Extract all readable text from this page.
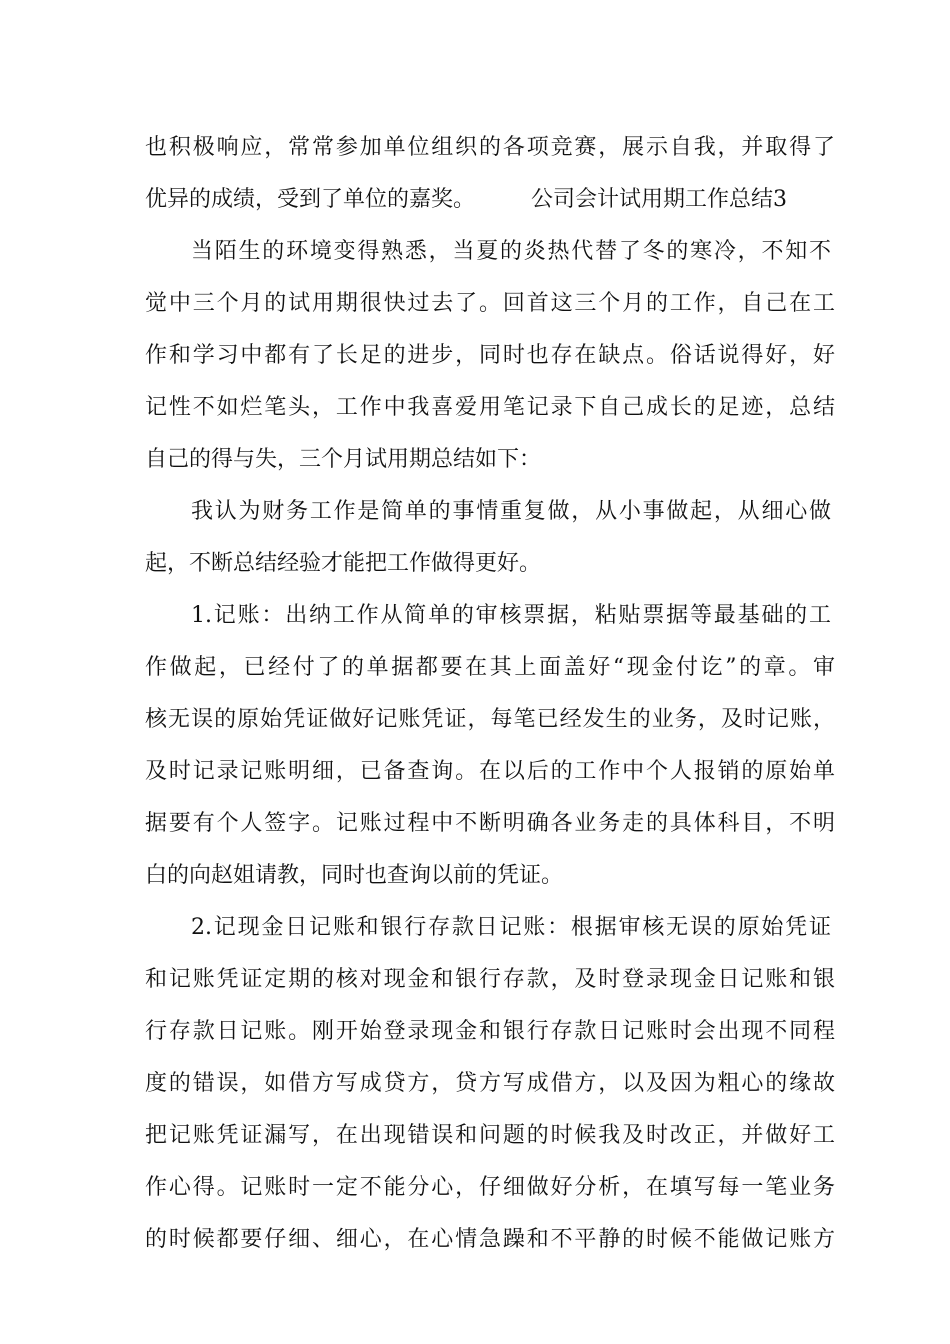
也积极响应，常常参加单位组织的各项竞赛，展示自我，并取得了
优异的成绩，受到了单位的嘉奖。	公司会计试用期工作总结3
当陌生的环境变得熟悉，当夏的炎热代替了冬的寒冷，不知不
觉中三个月的试用期很快过去了。回首这三个月的工作，自己在工
作和学习中都有了长足的进步，同时也存在缺点。俗话说得好，好
记性不如烂笔头，工作中我喜爱用笔记录下自己成长的足迹，总结
自己的得与失，三个月试用期总结如下：
我认为财务工作是简单的事情重复做，从小事做起，从细心做
起，不断总结经验才能把工作做得更好。
1.记账：出纳工作从简单的审核票据，粘贴票据等最基础的工
作做起，已经付了的单据都要在其上面盖好“现金付讫”的章。审
核无误的原始凭证做好记账凭证，每笔已经发生的业务，及时记账，
及时记录记账明细，已备查询。在以后的工作中个人报销的原始单
据要有个人签字。记账过程中不断明确各业务走的具体科目，不明
白的向赵姐请教，同时也查询以前的凭证。
2.记现金日记账和银行存款日记账：根据审核无误的原始凭证
和记账凭证定期的核对现金和银行存款，及时登录现金日记账和银
行存款日记账。刚开始登录现金和银行存款日记账时会出现不同程
度的错误，如借方写成贷方，贷方写成借方，以及因为粗心的缘故
把记账凭证漏写，在出现错误和问题的时候我及时改正，并做好工
作心得。记账时一定不能分心，仔细做好分析，在填写每一笔业务
的时候都要仔细、细心，在心情急躁和不平静的时候不能做记账方
